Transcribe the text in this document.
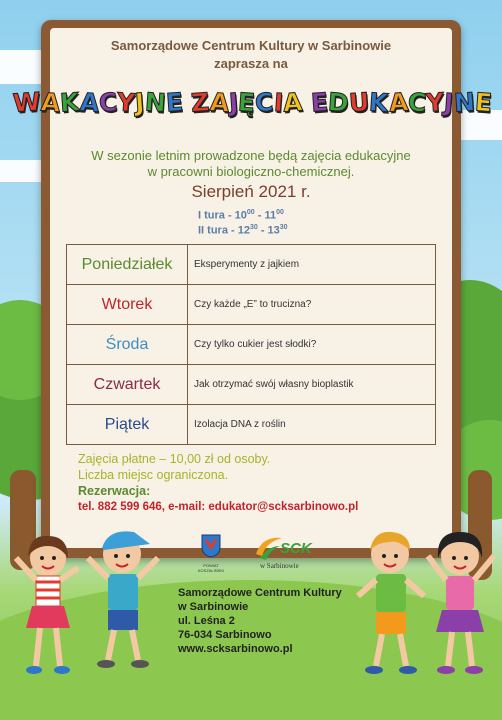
Samorządowe Centrum Kultury w Sarbinowie
zaprasza na
W A K A C Y J N E
Z A J Ę C I A
E D U K A C Y J N E
W sezonie letnim prowadzone będą zajęcia edukacyjne
w pracowni biologiczno-chemicznej.
Sierpień 2021 r.
I tura - $10^{00} - 11^{00}$
II tura - $12^{30} - 13^{30}$
Poniedziałek	Eksperymenty z jajkiem
Wtorek	Czy każde „E” to trucizna?
Środa	Czy tylko cukier jest słodki?
Czwartek	Jak otrzymać swój własny bioplastik
Piątek	Izolacja DNA z roślin
Zajęcia płatne – 10,00 zł od osoby.
Liczba miejsc ograniczona.
Rezerwacja:
tel. 882 599 646, e-mail: edukator@scksarbinowo.pl
POWIAT KOSZALIŃSKI
SCK
w Sarbinowie
Samorządowe Centrum Kultury
w Sarbinowie
ul. Leśna 2
76-034 Sarbinowo
www.scksarbinowo.pl
